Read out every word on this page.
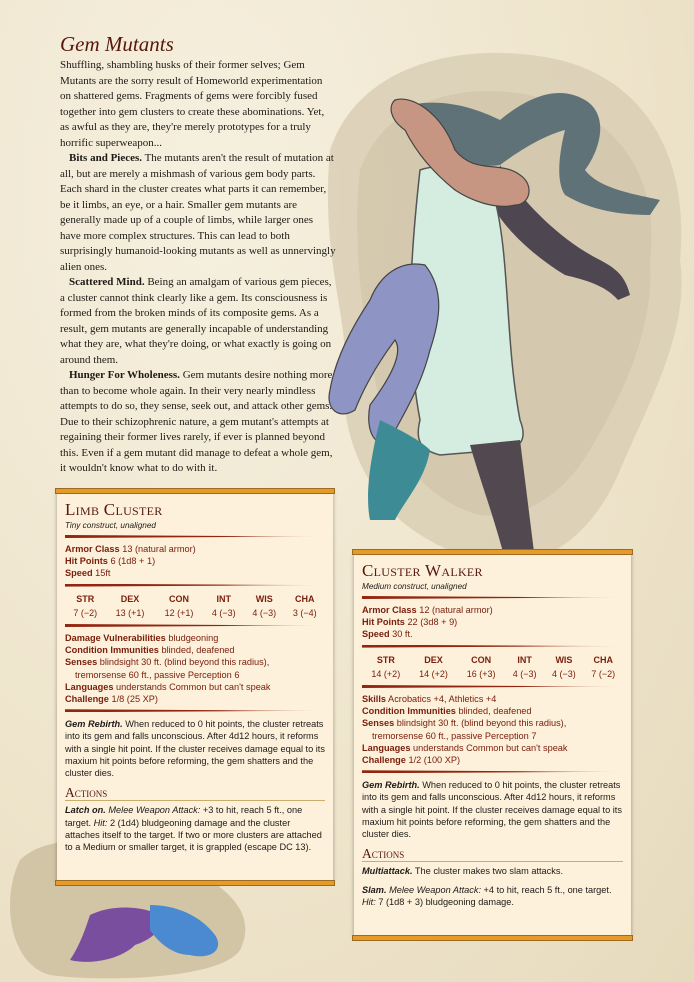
Gem Mutants

Shuffling, shambling husks of their former selves; Gem Mutants are the sorry result of Homeworld experimentation on shattered gems. Fragments of gems were forcibly fused together into gem clusters to create these abominations. Yet, as awful as they are, they're merely prototypes for a truly horrific superweapon...

Bits and Pieces. The mutants aren't the result of mutation at all, but are merely a mishmash of various gem body parts. Each shard in the cluster creates what parts it can remember, be it limbs, an eye, or a hair. Smaller gem mutants are generally made up of a couple of limbs, while larger ones have more complex structures. This can lead to both surprisingly humanoid-looking mutants as well as unnervingly alien ones.

Scattered Mind. Being an amalgam of various gem pieces, a cluster cannot think clearly like a gem. Its consciousness is formed from the broken minds of its composite gems. As a result, gem mutants are generally incapable of understanding what they are, what they're doing, or what exactly is going on around them.

Hunger For Wholeness. Gem mutants desire nothing more than to become whole again. In their very nearly mindless attempts to do so, they sense, seek out, and attack other gems. Due to their schizophrenic nature, a gem mutant's attempts at regaining their former lives rarely, if ever is planned beyond this. Even if a gem mutant did manage to defeat a whole gem, it wouldn't know what to do with it.

Limb Cluster
Tiny construct, unaligned
Armor Class 13 (natural armor)
Hit Points 6 (1d8 + 1)
Speed 15ft
STR	DEX	CON	INT	WIS	CHA
7 (−2)	13 (+1)	12 (+1)	4 (−3)	4 (−3)	3 (−4)
Damage Vulnerabilities bludgeoning
Condition Immunities blinded, deafened
Senses blindsight 30 ft. (blind beyond this radius),
tremorsense 60 ft., passive Perception 6
Languages understands Common but can't speak
Challenge 1/8 (25 XP)
Gem Rebirth. When reduced to 0 hit points, the cluster retreats into its gem and falls unconscious. After 4d12 hours, it reforms with a single hit point. If the cluster receives damage equal to its maxium hit points before reforming, the gem shatters and the cluster dies.
Actions
Latch on. Melee Weapon Attack: +3 to hit, reach 5 ft., one target. Hit: 2 (1d4) bludgeoning damage and the cluster attaches itself to the target. If two or more clusters are attached to a Medium or smaller target, it is grappled (escape DC 13).
Cluster Walker
Medium construct, unaligned
Armor Class 12 (natural armor)
Hit Points 22 (3d8 + 9)
Speed 30 ft.
STR	DEX	CON	INT	WIS	CHA
14 (+2)	14 (+2)	16 (+3)	4 (−3)	4 (−3)	7 (−2)
Skills Acrobatics +4, Athletics +4
Condition Immunities blinded, deafened
Senses blindsight 30 ft. (blind beyond this radius),
tremorsense 60 ft., passive Perception 7
Languages understands Common but can't speak
Challenge 1/2 (100 XP)
Gem Rebirth. When reduced to 0 hit points, the cluster retreats into its gem and falls unconscious. After 4d12 hours, it reforms with a single hit point. If the cluster receives damage equal to its maxium hit points before reforming, the gem shatters and the cluster dies.
Actions
Multiattack. The cluster makes two slam attacks.
Slam. Melee Weapon Attack: +4 to hit, reach 5 ft., one target. Hit: 7 (1d8 + 3) bludgeoning damage.
